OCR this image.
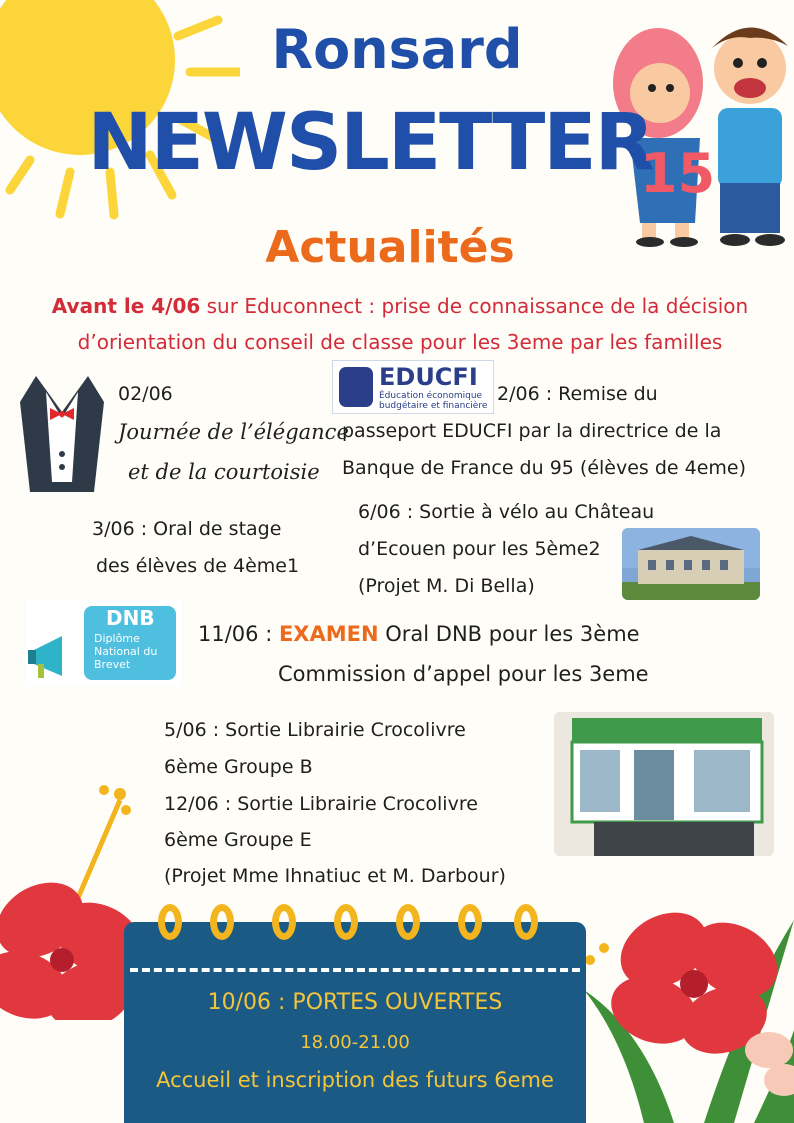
Ronsard
NEWSLETTER
15
Actualités
Avant le 4/06 sur Educonnect : prise de connaissance de la décision
d’orientation du conseil de classe pour les 3eme par les familles
02/06
Journée de l’élégance
et de la courtoisie
EDUCFI
Éducation économique
budgétaire et financière
2/06 : Remise du
passeport EDUCFI par la directrice de la
Banque de France du 95 (élèves de 4eme)
3/06 : Oral de stage
des élèves de 4ème1
6/06 : Sortie à vélo au Château
d’Ecouen pour les 5ème2
(Projet M. Di Bella)
DNB
Diplôme
National du
Brevet
11/06 : EXAMEN Oral DNB pour les 3ème
Commission d’appel pour les 3eme
5/06 : Sortie Librairie Crocolivre
6ème Groupe B
12/06 : Sortie Librairie Crocolivre
6ème Groupe E
(Projet Mme Ihnatiuc et M. Darbour)
10/06 : PORTES OUVERTES
18.00-21.00
Accueil et inscription des futurs 6eme
